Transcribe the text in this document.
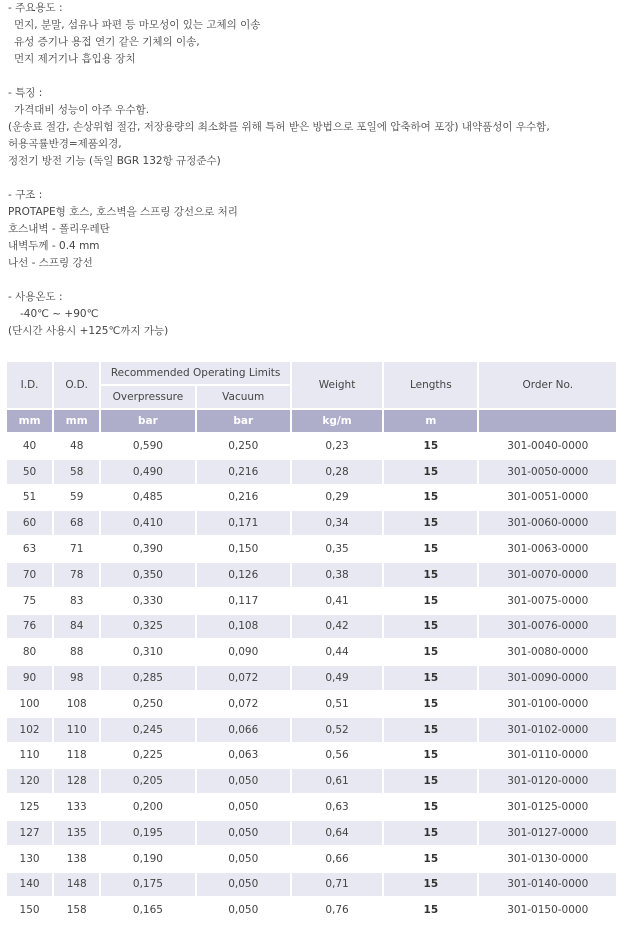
- 주요용도 :
먼지, 분말, 섬유나 파편 등 마모성이 있는 고체의 이송
유성 증기나 용접 연기 같은 기체의 이송,
먼지 제거기나 흡입용 장치
- 특징 :
가격대비 성능이 아주 우수함.
(운송료 절감, 손상위험 절감, 저장용량의 최소화를 위해 특허 받은 방법으로 포일에 압축하여 포장) 내약품성이 우수함,
허용곡률반경=제품외경,
정전기 방전 기능 (독일 BGR 132항 규정준수)
- 구조 :
PROTAPE형 호스, 호스벽을 스프링 강선으로 처리
호스내벽 - 폴리우레탄
내벽두께 - 0.4 mm
나선 - 스프링 강선
- 사용온도 :
-40℃ ~ +90℃
(단시간 사용시 +125℃까지 가능)
I.D.	O.D.	Recommended Operating Limits		Weight	Lengths	Order No.
		Overpressure	Vacuum			
mm	mm	bar	bar	kg/m	m	
40	48	0,590	0,250	0,23	15	301-0040-0000
50	58	0,490	0,216	0,28	15	301-0050-0000
51	59	0,485	0,216	0,29	15	301-0051-0000
60	68	0,410	0,171	0,34	15	301-0060-0000
63	71	0,390	0,150	0,35	15	301-0063-0000
70	78	0,350	0,126	0,38	15	301-0070-0000
75	83	0,330	0,117	0,41	15	301-0075-0000
76	84	0,325	0,108	0,42	15	301-0076-0000
80	88	0,310	0,090	0,44	15	301-0080-0000
90	98	0,285	0,072	0,49	15	301-0090-0000
100	108	0,250	0,072	0,51	15	301-0100-0000
102	110	0,245	0,066	0,52	15	301-0102-0000
110	118	0,225	0,063	0,56	15	301-0110-0000
120	128	0,205	0,050	0,61	15	301-0120-0000
125	133	0,200	0,050	0,63	15	301-0125-0000
127	135	0,195	0,050	0,64	15	301-0127-0000
130	138	0,190	0,050	0,66	15	301-0130-0000
140	148	0,175	0,050	0,71	15	301-0140-0000
150	158	0,165	0,050	0,76	15	301-0150-0000
